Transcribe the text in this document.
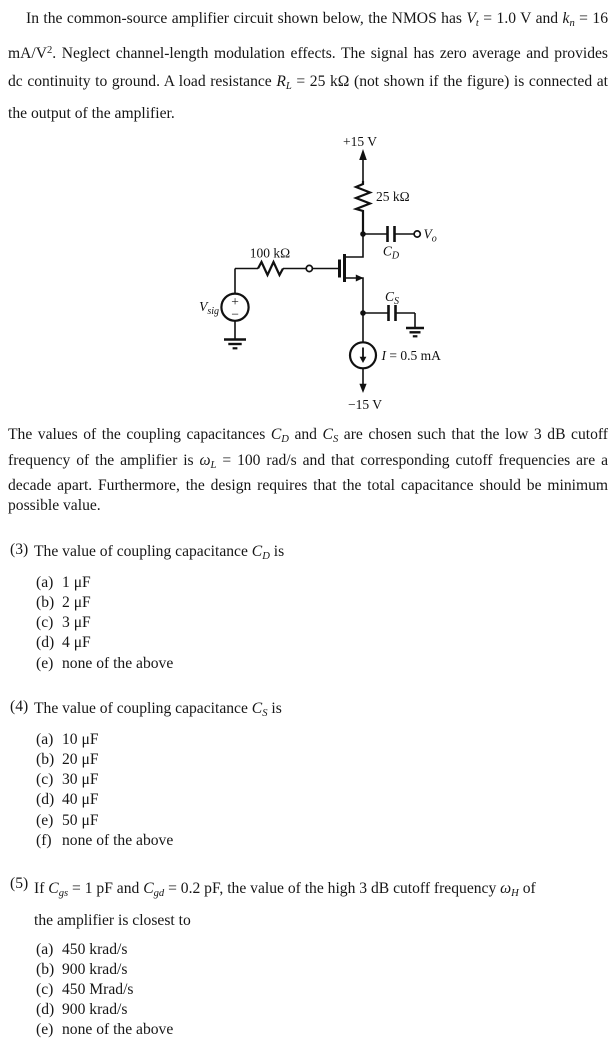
In the common-source amplifier circuit shown below, the NMOS has Vt = 1.0 V and kn = 16 $mA/V^2$. Neglect channel-length modulation effects. The signal has zero average and provides dc continuity to ground. A load resistance RL = 25 kΩ (not shown if the figure) is connected at the output of the amplifier.
+15 V
25 kΩ
$V_o$
$C_D$
100 kΩ
+
−
$V_{sig}$
$C_S$
I = 0.5 mA
−15 V
The values of the coupling capacitances CD and CS are chosen such that the low 3 dB cutoff frequency of the amplifier is ωL = 100 rad/s and that corresponding cutoff frequencies are a decade apart. Furthermore, the design requires that the total capacitance should be minimum possible value.
(3) The value of coupling capacitance CD is
(a) 1 μF
(b) 2 μF
(c) 3 μF
(d) 4 μF
(e) none of the above
(4) The value of coupling capacitance CS is
(a) 10 μF
(b) 20 μF
(c) 30 μF
(d) 40 μF
(e) 50 μF
(f) none of the above
(5) If Cgs = 1 pF and Cgd = 0.2 pF, the value of the high 3 dB cutoff frequency ωH of
the amplifier is closest to
(a) 450 krad/s
(b) 900 krad/s
(c) 450 Mrad/s
(d) 900 krad/s
(e) none of the above
